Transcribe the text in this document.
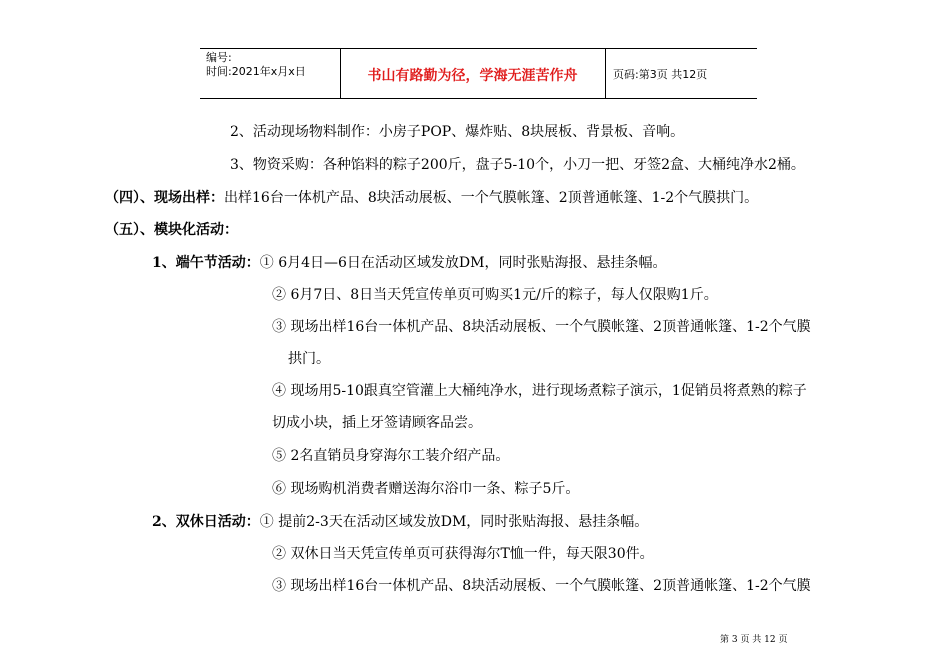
编号:
时间:2021年x月x日	书山有路勤为径，学海无涯苦作舟	页码:第3页 共12页
2、活动现场物料制作：小房子POP、爆炸贴、8块展板、背景板、音响。
3、物资采购：各种馅料的粽子200斤，盘子5-10个，小刀一把、牙签2盒、大桶纯净水2桶。
（四）、现场出样：出样16台一体机产品、8块活动展板、一个气膜帐篷、2顶普通帐篷、1-2个气膜拱门。
（五）、模块化活动：
1、端午节活动：① 6月4日—6日在活动区域发放DM，同时张贴海报、悬挂条幅。
② 6月7日、8日当天凭宣传单页可购买1元/斤的粽子，每人仅限购1斤。
③ 现场出样16台一体机产品、8块活动展板、一个气膜帐篷、2顶普通帐篷、1-2个气膜
拱门。
④ 现场用5-10跟真空管灌上大桶纯净水，进行现场煮粽子演示，1促销员将煮熟的粽子
切成小块，插上牙签请顾客品尝。
⑤ 2名直销员身穿海尔工装介绍产品。
⑥ 现场购机消费者赠送海尔浴巾一条、粽子5斤。
2、双休日活动：① 提前2-3天在活动区域发放DM，同时张贴海报、悬挂条幅。
② 双休日当天凭宣传单页可获得海尔T恤一件，每天限30件。
③ 现场出样16台一体机产品、8块活动展板、一个气膜帐篷、2顶普通帐篷、1-2个气膜
第 3 页 共 12 页
